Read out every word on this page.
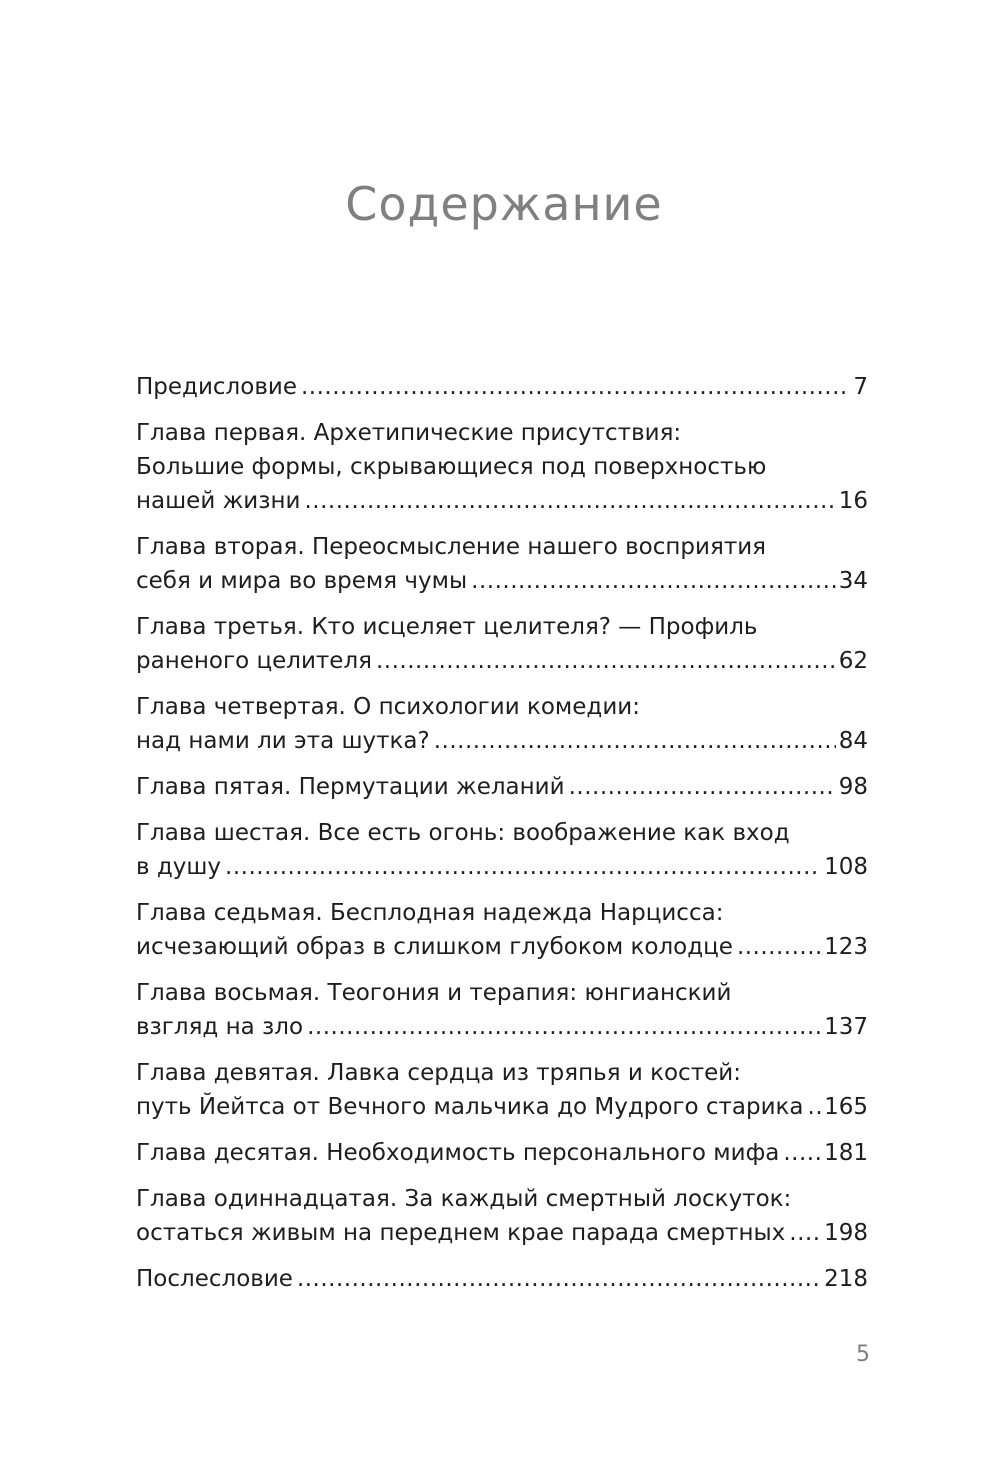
Содержание
Предисловие .....	7
Глава первая. Архетипические присутствия:
Большие формы, скрывающиеся под поверхностью
нашей жизни .....	16
Глава вторая. Переосмысление нашего восприятия
себя и мира во время чумы .....	34
Глава третья. Кто исцеляет целителя? — Профиль
раненого целителя .....	62
Глава четвертая. О психологии комедии:
над нами ли эта шутка? .....	84
Глава пятая. Пермутации желаний .....	98
Глава шестая. Все есть огонь: воображение как вход
в душу .....	108
Глава седьмая. Бесплодная надежда Нарцисса:
исчезающий образ в слишком глубоком колодце .....	123
Глава восьмая. Теогония и терапия: юнгианский
взгляд на зло .....	137
Глава девятая. Лавка сердца из тряпья и костей:
путь Йейтса от Вечного мальчика до Мудрого старика ..... 165
Глава десятая. Необходимость персонального мифа ..... 181
Глава одиннадцатая. За каждый смертный лоскуток:
остаться живым на переднем крае парада смертных ..... 198
Послесловие .....	218
5
